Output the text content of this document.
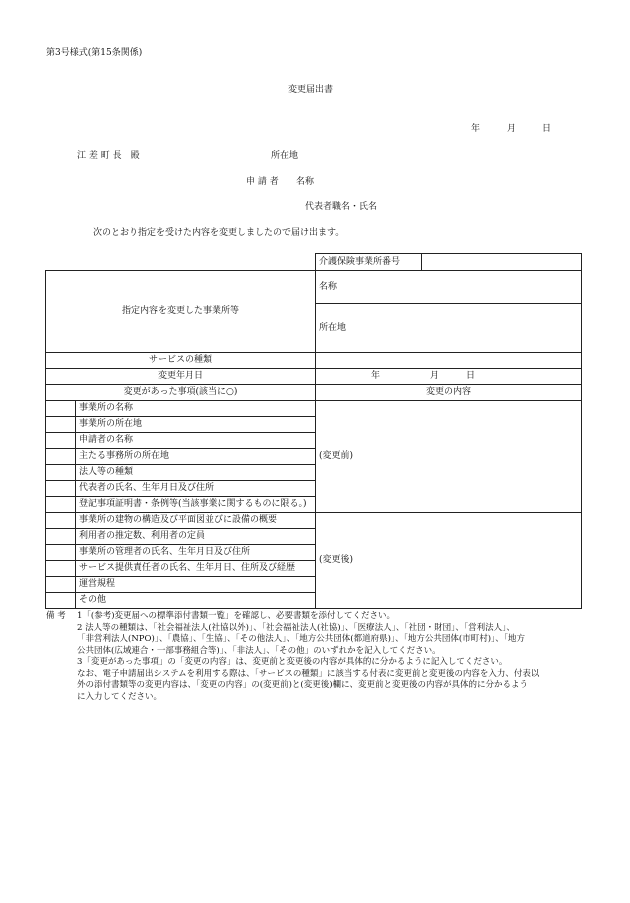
第3号様式(第15条関係)
変更届出書
年	月	日
江 差 町 長　殿	所在地
申 請 者 名称
代表者職名・氏名
次のとおり指定を受けた内容を変更しましたので届け出ます。
		介護保険事業所番号	
指定内容を変更した事業所等		名称	
		所在地	
サービスの種類			
変更年月日		年 月 日	

変更があった事項(該当に○)		変更の内容	
	事業所の名称	(変更前)	
	事業所の所在地		
	申請者の名称		
	主たる事務所の所在地		
	法人等の種類		
	代表者の氏名、生年月日及び住所		
	登記事項証明書・条例等(当該事業に関するものに限る。)		
	事業所の建物の構造及び平面図並びに設備の概要	(変更後)	
	利用者の推定数、利用者の定員		
	事業所の管理者の氏名、生年月日及び住所		
	サービス提供責任者の氏名、生年月日、住所及び経歴		
	運営規程		
	その他		
備 考	1「(参考)変更届への標準添付書類一覧」を確認し、必要書類を添付してください。
2 法人等の種類は、「社会福祉法人(社協以外)」、「社会福祉法人(社協)」、「医療法人」、「社団・財団」、「営利法人」、
「非営利法人(NPO)」、「農協」、「生協」、「その他法人」、「地方公共団体(都道府県)」、「地方公共団体(市町村)」、「地方
公共団体(広域連合・一部事務組合等)」、「非法人」、「その他」のいずれかを記入してください。
3「変更があった事項」の「変更の内容」は、変更前と変更後の内容が具体的に分かるように記入してください。
なお、電子申請届出システムを利用する際は、「サービスの種類」に該当する付表に変更前と変更後の内容を入力、付表以
外の添付書類等の変更内容は、「変更の内容」の(変更前)と(変更後)欄に、変更前と変更後の内容が具体的に分かるよう
に入力してください。
